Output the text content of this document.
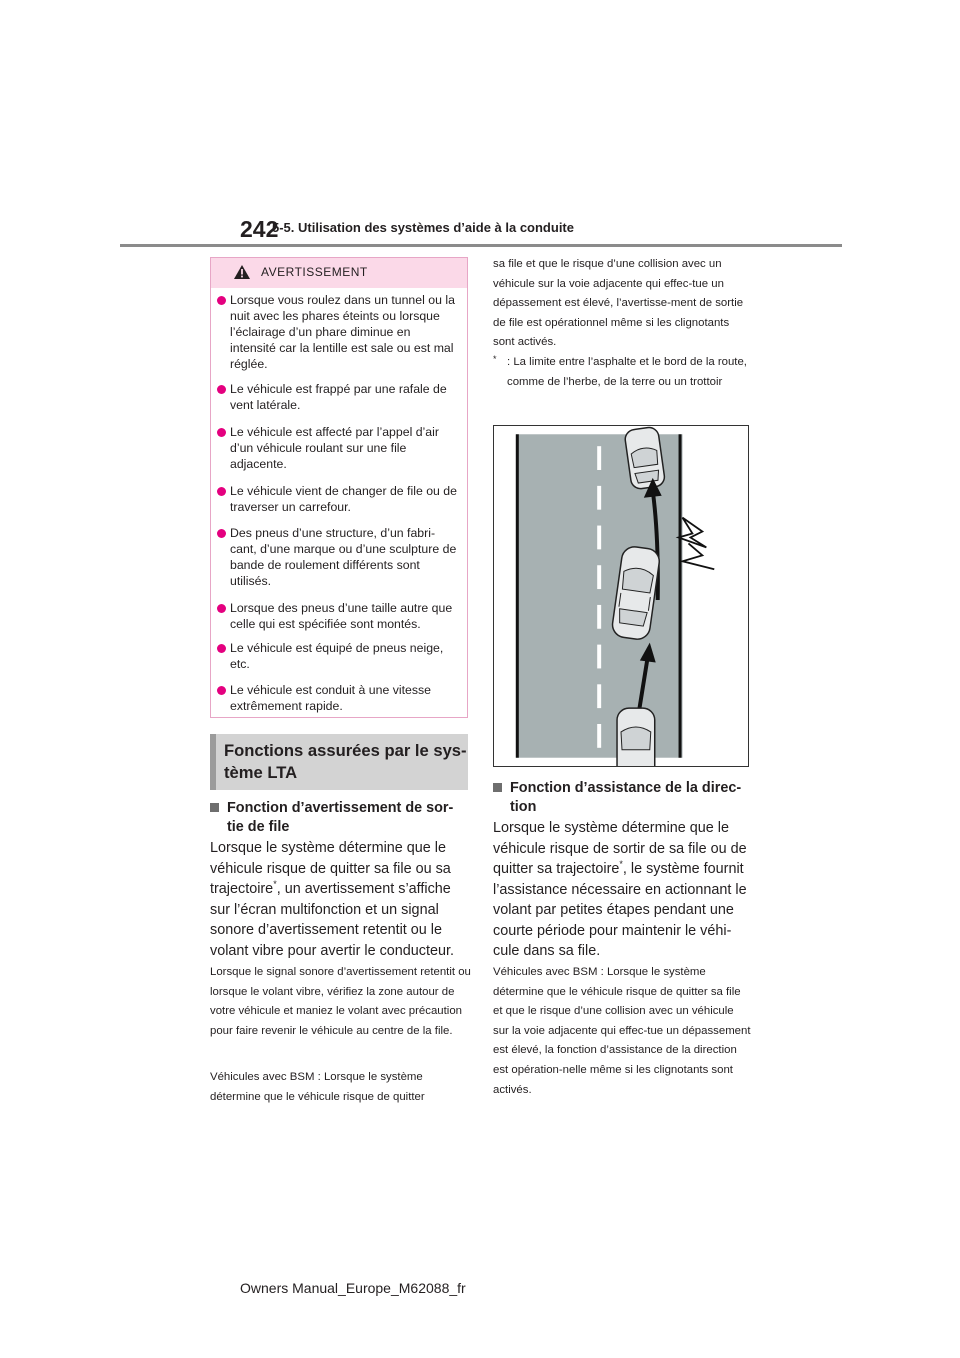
242
5-5. Utilisation des systèmes d’aide à la conduite
AVERTISSEMENT
Lorsque vous roulez dans un tunnel ou la nuit avec les phares éteints ou lorsque l’éclairage d’un phare diminue en intensité car la lentille est sale ou est mal réglée.
Le véhicule est frappé par une rafale de vent latérale.
Le véhicule est affecté par l’appel d’air d’un véhicule roulant sur une file adjacente.
Le véhicule vient de changer de file ou de traverser un carrefour.
Des pneus d’une structure, d’un fabri-cant, d’une marque ou d’une sculpture de bande de roulement différents sont utilisés.
Lorsque des pneus d’une taille autre que celle qui est spécifiée sont montés.
Le véhicule est équipé de pneus neige, etc.
Le véhicule est conduit à une vitesse extrêmement rapide.
Fonctions assurées par le sys-tème LTA
Fonction d’avertissement de sor-tie de file
Lorsque le système détermine que le véhicule risque de quitter sa file ou sa trajectoire*, un avertissement s’affiche sur l’écran multifonction et un signal sonore d’avertissement retentit ou le volant vibre pour avertir le conducteur.
Lorsque le signal sonore d’avertissement retentit ou lorsque le volant vibre, vérifiez la zone autour de votre véhicule et maniez le volant avec précaution pour faire revenir le véhicule au centre de la file.
Véhicules avec BSM : Lorsque le système détermine que le véhicule risque de quitter
sa file et que le risque d’une collision avec un véhicule sur la voie adjacente qui effec-tue un dépassement est élevé, l’avertisse-ment de sortie de file est opérationnel même si les clignotants sont activés.
* : La limite entre l’asphalte et le bord de la route, comme de l’herbe, de la terre ou un trottoir
Fonction d’assistance de la direc-tion
Lorsque le système détermine que le véhicule risque de sortir de sa file ou de quitter sa trajectoire*, le système fournit l’assistance nécessaire en actionnant le volant par petites étapes pendant une courte période pour maintenir le véhi-cule dans sa file.
Véhicules avec BSM : Lorsque le système détermine que le véhicule risque de quitter sa file et que le risque d’une collision avec un véhicule sur la voie adjacente qui effec-tue un dépassement est élevé, la fonction d’assistance de la direction est opération-nelle même si les clignotants sont activés.
Owners Manual_Europe_M62088_fr
